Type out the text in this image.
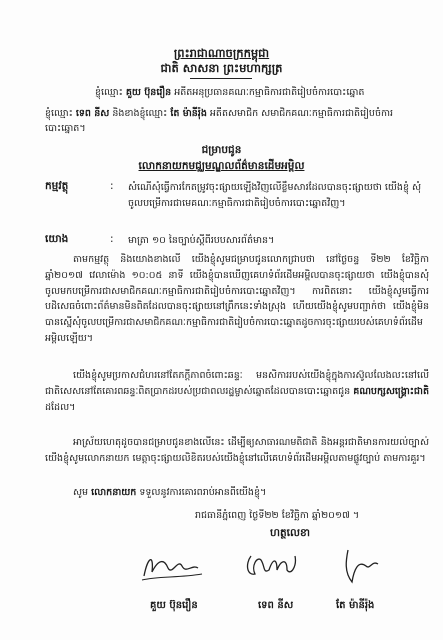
ព្រះរាជាណាចក្រកម្ពុជា
ជាតិ សាសនា ព្រះមហាក្សត្រ
ខ្ញុំឈ្មោះ គួយ ប៊ុនរឿន អតីតអនុប្រធានគណៈកម្មាធិការជាតិរៀបចំការបោះឆ្នោត
ខ្ញុំឈ្មោះ ទេព នីស និងខាងខ្ញុំឈ្មោះ តែ ម៉ានីរ៉ុង អតីតសមាជិក សមាជិកគណៈកម្មាធិការជាតិរៀបចំការបោះឆ្នោត។
ជម្រាបជូន
លោកនាយកមជ្ឈមណ្ឌលព័ត៌មានដើមអម្ពិល
កម្មវត្ថុ	: សំណើសុំធ្វើការកែតម្រូវចុះផ្សាយឡើងវិញលើខ្លឹមសារដែលបានចុះផ្សាយថា យើងខ្ញុំ សុំចូលបម្រើការជាមេគណៈកម្មាធិការជាតិរៀបចំការបោះឆ្នោតវិញ។
យោង	: មាត្រា ១០ នៃច្បាប់ស្ដីពីរបបសារព័ត៌មាន។
តាមកម្មវត្ថុ និងយោងខាងលើ យើងខ្ញុំសូមជម្រាបជូនលោកជ្រាបថា នៅថ្ងៃចន្ទ ទី២២ ខែវិច្ឆិកា ឆ្នាំ២០១៧ វេលាម៉ោង ១០:០៥ នាទី យើងខ្ញុំបានឃើញគេហទំព័រដើមអម្ពិលបានចុះផ្សាយថា យើងខ្ញុំបានសុំចូលមកបម្រើការជាសមាជិកគណៈកម្មាធិការជាតិរៀបចំការបោះឆ្នោតវិញ។ ការពិតនោះ យើងខ្ញុំសូមធ្វើការបដិសេធចំពោះព័ត៌មានមិនពិតដែលបានចុះផ្សាយនៅព្រឹកនេះទាំងស្រុង ហើយយើងខ្ញុំសូមបញ្ជាក់ថា យើងខ្ញុំមិនបានស្នើសុំចូលបម្រើការជាសមាជិកគណៈកម្មាធិការជាតិរៀបចំការបោះឆ្នោតដូចការចុះផ្សាយរបស់គេហទំព័រដើមអម្ពិលឡើយ។
យើងខ្ញុំសូមប្រកាសជំហរនៅតែភក្ដីភាពចំពោះឆន្ទៈ មនសិការរបស់យើងខ្ញុំក្នុងការស៊ូលលែងលះនៅលើ ជាតិសេសនៅតែគោរពឆន្ទៈពិតប្រាកដរបស់ប្រជាពលរដ្ឋម្ចាស់ឆ្នោតដែលបានបោះឆ្នោតជូន គណបក្សសង្គ្រោះជាតិ ដដែល។
អាស្រ័យហេតុដូចបានជម្រាបជូនខាងលើនេះ ដើម្បីឲ្យសាធារណមតិជាតិ និងអន្តរជាតិមានការយល់ច្បាស់ យើងខ្ញុំសូមលោកនាយក មេត្តាចុះផ្សាយលិខិតរបស់យើងខ្ញុំនៅលើគេហទំព័រដើមអម្ពិលតាមផ្លូវច្បាប់ តាមការគួរ។
សូម លោកនាយក ទទួលនូវការគោរពរាប់អានពីយើងខ្ញុំ។
រាជធានីភ្នំពេញ ថ្ងៃទី២២ ខែវិច្ឆិកា ឆ្នាំ២០១៧ ។
ហត្ថលេខា
គួយ ប៊ុនរឿន	ទេព នីស	តែ ម៉ានីរ៉ុង
